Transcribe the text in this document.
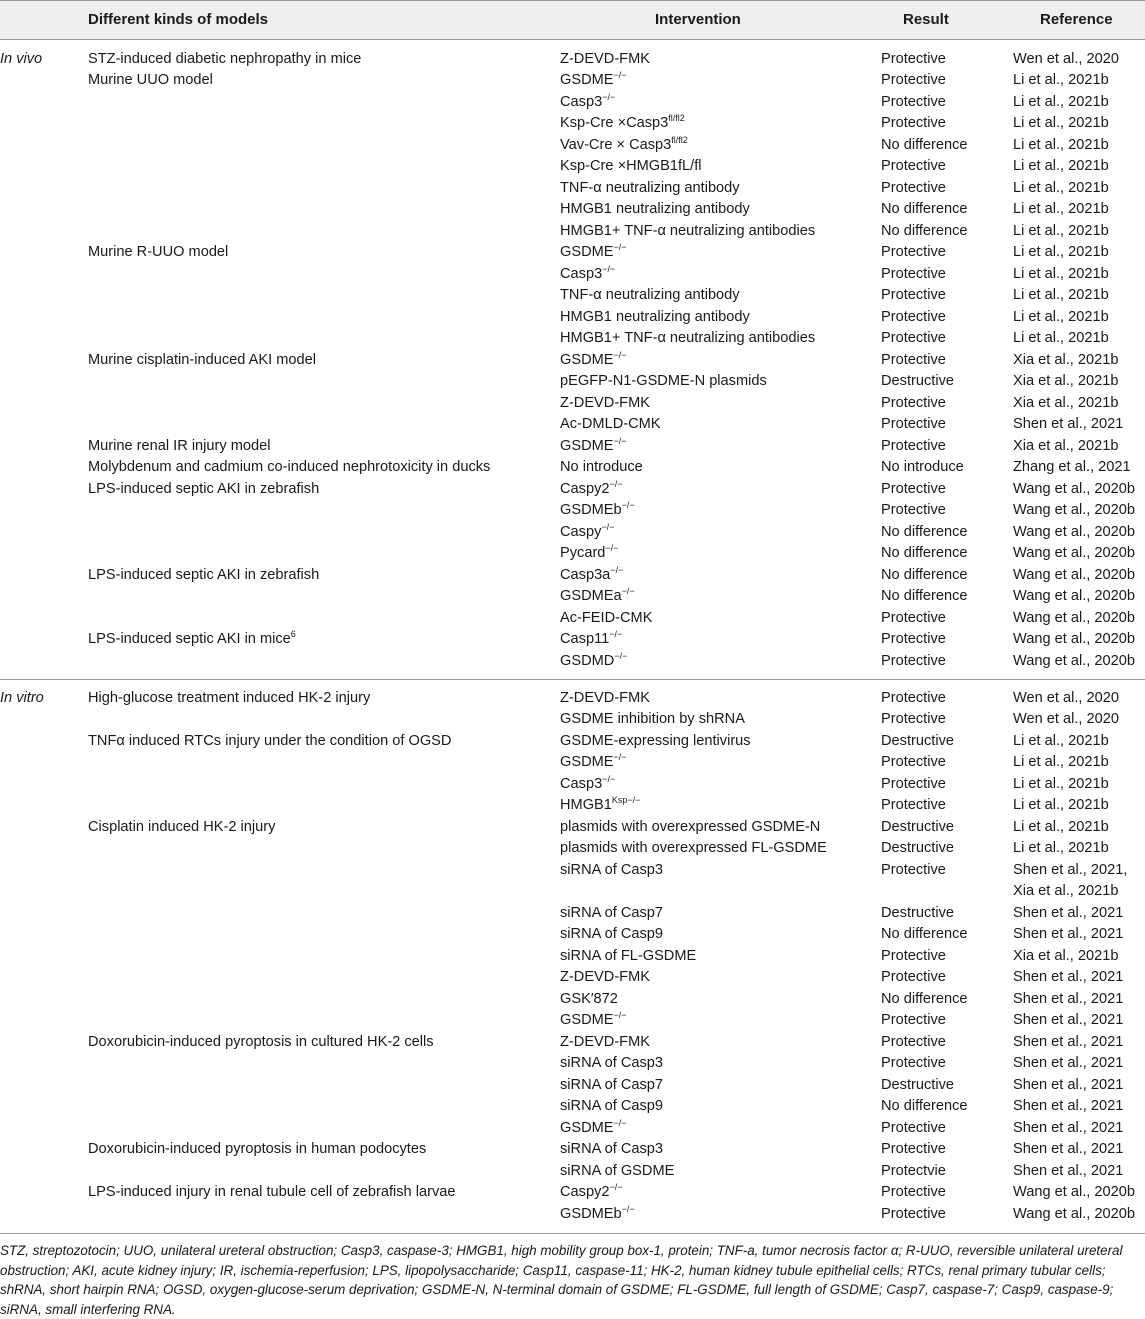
Different kinds of models	Intervention	Result	Reference
In vivo	STZ-induced diabetic nephropathy in mice	Z-DEVD-FMK	Protective	Wen et al., 2020
Murine UUO model	GSDME−/−	Protective	Li et al., 2021b
Casp3−/−	Protective	Li et al., 2021b
$Ksp-Cre \times Casp3^{fl/fl2}$	Protective	Li et al., 2021b
$Vav-Cre \times Casp3^{fl/fl2}$	No difference	Li et al., 2021b
Ksp-Cre ×HMGB1fL/fl	Protective	Li et al., 2021b
TNF-α neutralizing antibody	Protective	Li et al., 2021b
HMGB1 neutralizing antibody	No difference	Li et al., 2021b
HMGB1+ TNF-α neutralizing antibodies	No difference	Li et al., 2021b
Murine R-UUO model	GSDME−/−	Protective	Li et al., 2021b
Casp3−/−	Protective	Li et al., 2021b
TNF-α neutralizing antibody	Protective	Li et al., 2021b
HMGB1 neutralizing antibody	Protective	Li et al., 2021b
HMGB1+ TNF-α neutralizing antibodies	Protective	Li et al., 2021b
Murine cisplatin-induced AKI model	GSDME−/−	Protective	Xia et al., 2021b
pEGFP-N1-GSDME-N plasmids	Destructive	Xia et al., 2021b
Z-DEVD-FMK	Protective	Xia et al., 2021b
Ac-DMLD-CMK	Protective	Shen et al., 2021
Murine renal IR injury model	GSDME−/−	Protective	Xia et al., 2021b
Molybdenum and cadmium co-induced nephrotoxicity in ducks	No introduce	No introduce	Zhang et al., 2021
LPS-induced septic AKI in zebrafish	Caspy2−/−	Protective	Wang et al., 2020b
GSDMEb−/−	Protective	Wang et al., 2020b
Caspy−/−	No difference	Wang et al., 2020b
Pycard−/−	No difference	Wang et al., 2020b
LPS-induced septic AKI in zebrafish	Casp3a−/−	No difference	Wang et al., 2020b
GSDMEa−/−	No difference	Wang et al., 2020b
Ac-FEID-CMK	Protective	Wang et al., 2020b
LPS-induced septic AKI in mice$^6$	Casp11−/−	Protective	Wang et al., 2020b
GSDMD−/−	Protective	Wang et al., 2020b
In vitro	High-glucose treatment induced HK-2 injury	Z-DEVD-FMK	Protective	Wen et al., 2020
GSDME inhibition by shRNA	Protective	Wen et al., 2020
TNFα induced RTCs injury under the condition of OGSD	GSDME-expressing lentivirus	Destructive	Li et al., 2021b
GSDME−/−	Protective	Li et al., 2021b
Casp3−/−	Protective	Li et al., 2021b
$HMGB1^{Ksp-/-}$	Protective	Li et al., 2021b
Cisplatin induced HK-2 injury	plasmids with overexpressed GSDME-N	Destructive	Li et al., 2021b
plasmids with overexpressed FL-GSDME	Destructive	Li et al., 2021b
siRNA of Casp3	Protective	Shen et al., 2021,
Xia et al., 2021b
siRNA of Casp7	Destructive	Shen et al., 2021
siRNA of Casp9	No difference	Shen et al., 2021
siRNA of FL-GSDME	Protective	Xia et al., 2021b
Z-DEVD-FMK	Protective	Shen et al., 2021
GSK′872	No difference	Shen et al., 2021
GSDME−/−	Protective	Shen et al., 2021
Doxorubicin-induced pyroptosis in cultured HK-2 cells	Z-DEVD-FMK	Protective	Shen et al., 2021
siRNA of Casp3	Protective	Shen et al., 2021
siRNA of Casp7	Destructive	Shen et al., 2021
siRNA of Casp9	No difference	Shen et al., 2021
GSDME−/−	Protective	Shen et al., 2021
Doxorubicin-induced pyroptosis in human podocytes	siRNA of Casp3	Protective	Shen et al., 2021
siRNA of GSDME	Protectvie	Shen et al., 2021
LPS-induced injury in renal tubule cell of zebrafish larvae	Caspy2−/−	Protective	Wang et al., 2020b
GSDMEb−/−	Protective	Wang et al., 2020b
STZ, streptozotocin; UUO, unilateral ureteral obstruction; Casp3, caspase-3; HMGB1, high mobility group box-1, protein; TNF-a, tumor necrosis factor α; R-UUO, reversible unilateral ureteral obstruction; AKI, acute kidney injury; IR, ischemia-reperfusion; LPS, lipopolysaccharide; Casp11, caspase-11; HK-2, human kidney tubule epithelial cells; RTCs, renal primary tubular cells; shRNA, short hairpin RNA; OGSD, oxygen-glucose-serum deprivation; GSDME-N, N-terminal domain of GSDME; FL-GSDME, full length of GSDME; Casp7, caspase-7; Casp9, caspase-9; siRNA, small interfering RNA.
